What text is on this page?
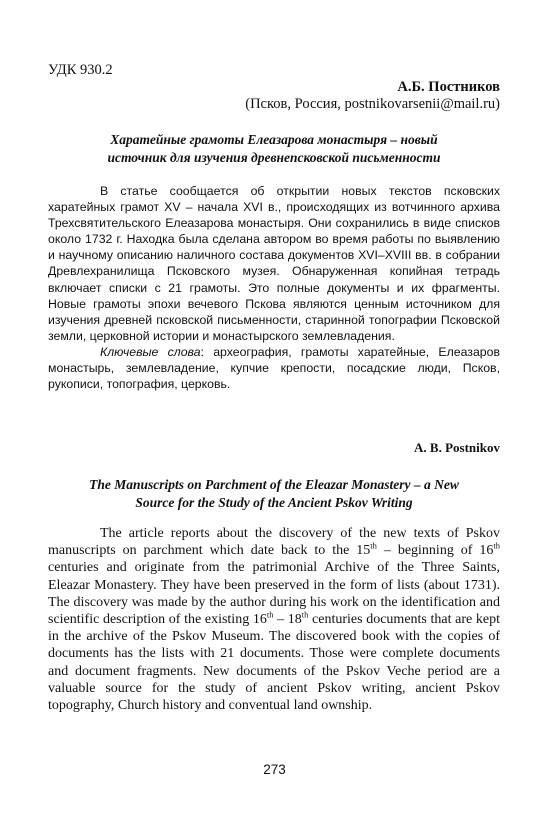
УДК 930.2
А.Б. Постников
(Псков, Россия, postnikovarsenii@mail.ru)
Харатейные грамоты Елеазарова монастыря – новый
источник для изучения древнепсковской письменности

В статье сообщается об открытии новых текстов псковских харатейных грамот XV – начала XVI в., происходящих из вотчинного архива Трехсвятительского Елеазарова монастыря. Они сохранились в виде списков около 1732 г. Находка была сделана автором во время работы по выявлению и научному описанию наличного состава документов XVI–XVIII вв. в собрании Древлехранилища Псковского музея. Обнаруженная копийная тетрадь включает списки с 21 грамоты. Это полные документы и их фрагменты. Новые грамоты эпохи вечевого Пскова являются ценным источником для изучения древней псковской письменности, старинной топографии Псковской земли, церковной истории и монастырского землевладения.

Ключевые слова: археография, грамоты харатейные, Елеазаров монастырь, землевладение, купчие крепости, посадские люди, Псков, рукописи, топография, церковь.

A. B. Postnikov
The Manuscripts on Parchment of the Eleazar Monastery – a New
Source for the Study of the Ancient Pskov Writing

The article reports about the discovery of the new texts of Pskov manuscripts on parchment which date back to the 15th – beginning of 16th centuries and originate from the patrimonial Archive of the Three Saints, Eleazar Monastery. They have been preserved in the form of lists (about 1731). The discovery was made by the author during his work on the identification and scientific description of the existing 16th – 18th centuries documents that are kept in the archive of the Pskov Museum. The discovered book with the copies of documents has the lists with 21 documents. Those were complete documents and document fragments. New documents of the Pskov Veche period are a valuable source for the study of ancient Pskov writing, ancient Pskov topography, Church history and conventual land ownship.

273
